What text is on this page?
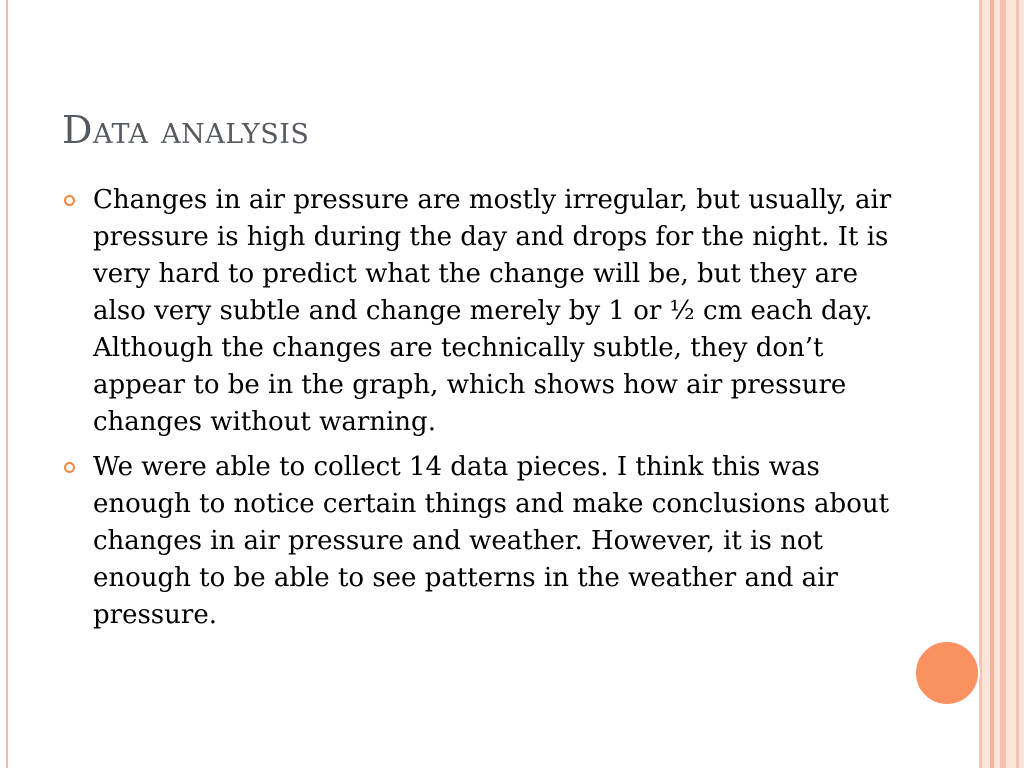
Data analysis
Changes in air pressure are mostly irregular, but usually, air pressure is high during the day and drops for the night. It is very hard to predict what the change will be, but they are also very subtle and change merely by 1 or ½ cm each day. Although the changes are technically subtle, they don’t appear to be in the graph, which shows how air pressure changes without warning.
We were able to collect 14 data pieces. I think this was enough to notice certain things and make conclusions about changes in air pressure and weather. However, it is not enough to be able to see patterns in the weather and air pressure.
